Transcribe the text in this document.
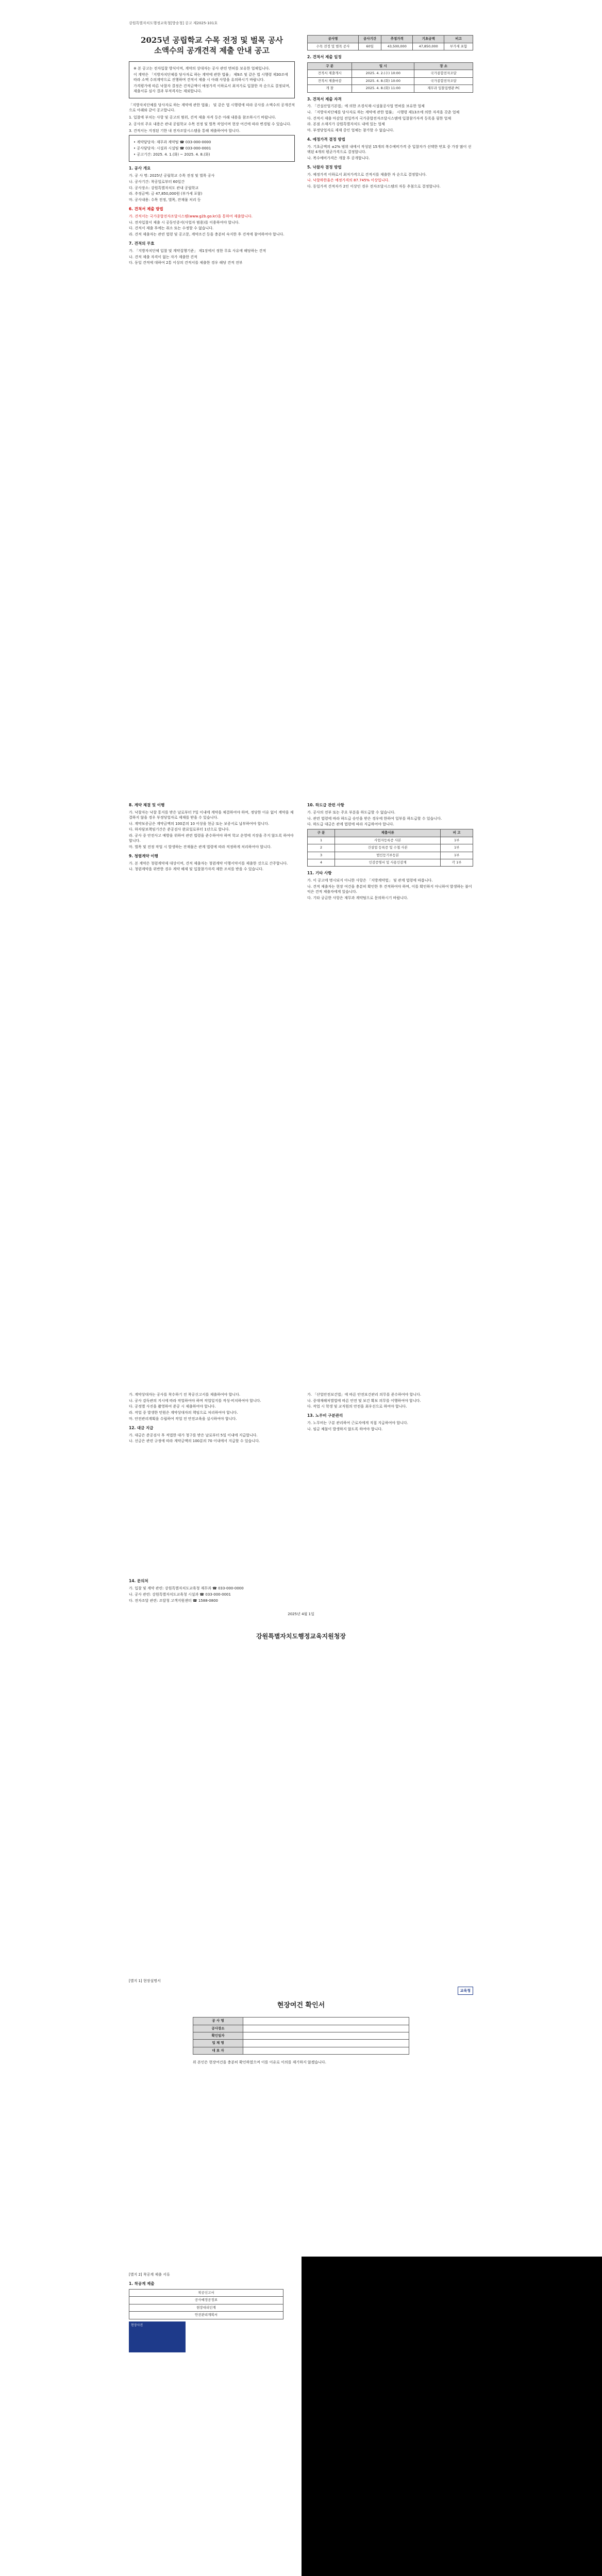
강원특별자치도행정교육청[방송청] 공고 제2025-101호
2025년 공립학교 수목 전정 및 벌목 공사
소액수의 공개견적 제출 안내 공고

※ 본 공고는 전자입찰 방식이며, 계약의 상대자는 공사 관련 면허를 보유한 업체입니다.

이 계약은 「지방자치단체를 당사자로 하는 계약에 관한 법률」 제9조 및 같은 법 시행령 제30조에 따라 소액 수의계약으로 진행하며 견적서 제출 시 아래 사항을 유의하시기 바랍니다.

가격평가에 따른 낙찰자 결정은 견적금액이 예정가격 이하로서 최저가로 입찰한 자 순으로 결정되며, 제출서류 심사 결과 부적격자는 제외합니다.

「지방자치단체를 당사자로 하는 계약에 관한 법률」 및 같은 법 시행령에 따라 공사를 소액수의 공개견적으로 아래와 같이 공고합니다.

1. 입찰에 부치는 사항 및 공고의 범위, 견적 제출 자격 등은 아래 내용을 참조하시기 바랍니다.

2. 공사의 주요 내용은 관내 공립학교 수목 전정 및 벌목 작업이며 현장 여건에 따라 변경될 수 있습니다.

3. 견적서는 지정된 기한 내 전자조달시스템을 통해 제출하여야 합니다.

• 계약담당자: 재무과 계약팀 ☎ 033-000-0000

• 공사담당자: 시설과 시설팀 ☎ 033-000-0001

• 공고기간: 2025. 4. 1.(화) ~ 2025. 4. 8.(화)

1. 공사 개요
가. 공 사 명: 2025년 공립학교 수목 전정 및 벌목 공사
나. 공사기간: 착공일로부터 60일간
다. 공사장소: 강원특별자치도 관내 공립학교
라. 추정금액: 금 47,850,000원 (부가세 포함)
마. 공사내용: 수목 전정, 벌목, 잔재물 처리 등
6. 견적서 제출 방법
가. 견적서는 국가종합전자조달시스템(www.g2b.go.kr)을 통하여 제출합니다.
나. 전자입찰서 제출 시 공동인증서(사업자 범용)를 이용하여야 합니다.
다. 견적서 제출 후에는 취소 또는 수정할 수 없습니다.
라. 견적 제출자는 관련 법령 및 공고문, 계약조건 등을 충분히 숙지한 후 견적에 참여하여야 합니다.
7. 견적의 무효
가. 「지방자치단체 입찰 및 계약집행기준」 제1장에서 정한 무효 사유에 해당하는 견적
나. 견적 제출 자격이 없는 자가 제출한 견적
다. 동일 견적에 대하여 2통 이상의 견적서를 제출한 경우 해당 견적 전부
공사명	공사기간	추정가격	기초금액	비고
수목 전정 및 벌목 공사	60일	43,500,000	47,850,000	부가세 포함
2. 견적서 제출 일정
구 분	일 시	장 소
견적서 제출개시	2025. 4. 2.(수) 10:00	국가종합전자조달
견적서 제출마감	2025. 4. 8.(화) 10:00	국가종합전자조달
개 찰	2025. 4. 8.(화) 11:00	재무과 입찰집행관 PC
3. 견적서 제출 자격
가. 「건설산업기본법」에 의한 조경식재·시설물공사업 면허를 보유한 업체
나. 「지방자치단체를 당사자로 하는 계약에 관한 법률」 시행령 제13조에 의한 자격을 갖춘 업체
다. 견적서 제출 마감일 전일까지 국가종합전자조달시스템에 입찰참가자격 등록을 필한 업체
라. 본점 소재지가 강원특별자치도 내에 있는 업체
마. 부정당업자로 제재 중인 업체는 참가할 수 없습니다.
4. 예정가격 결정 방법
가. 기초금액의 ±2% 범위 내에서 작성된 15개의 복수예비가격 중 입찰자가 선택한 번호 중 가장 많이 선택된 4개의 평균가격으로 결정합니다.
나. 복수예비가격은 개찰 후 공개합니다.
5. 낙찰자 결정 방법
가. 예정가격 이하로서 최저가격으로 견적서를 제출한 자 순으로 결정합니다.
나. 낙찰하한율은 예정가격의 87.745% 이상입니다.
다. 동일가격 견적자가 2인 이상인 경우 전자조달시스템의 자동 추첨으로 결정합니다.
8. 계약 체결 및 이행
가. 낙찰자는 낙찰 통지를 받은 날로부터 7일 이내에 계약을 체결하여야 하며, 정당한 이유 없이 계약을 체결하지 않을 경우 부정당업자로 제재를 받을 수 있습니다.
나. 계약보증금은 계약금액의 100분의 10 이상을 현금 또는 보증서로 납부하여야 합니다.
다. 하자담보책임기간은 준공검사 완료일로부터 1년으로 합니다.
라. 공사 중 안전사고 예방을 위하여 관련 법령을 준수하여야 하며 학교 운영에 지장을 주지 않도록 하여야 합니다.
마. 벌목 및 전정 작업 시 발생하는 잔재물은 관계 법령에 따라 적정하게 처리하여야 합니다.
9. 청렴계약 이행
가. 본 계약은 청렴계약제 대상이며, 견적 제출자는 청렴계약 이행서약서를 제출한 것으로 간주합니다.
나. 청렴계약을 위반한 경우 계약 해제 및 입찰참가자격 제한 조치를 받을 수 있습니다.
10. 하도급 관련 사항
가. 공사의 전부 또는 주요 부분을 하도급할 수 없습니다.
나. 관련 법령에 따라 하도급 승인을 받은 경우에 한하여 일부를 하도급할 수 있습니다.
다. 하도급 대금은 관계 법령에 따라 지급하여야 합니다.
구 분	제출서류	비 고
1	사업자등록증 사본	1부
2	건설업 등록증 및 수첩 사본	1부
3	법인등기부등본	1부
4	인감증명서 및 사용인감계	각 1부
11. 기타 사항
가. 이 공고에 명시되지 아니한 사항은 「지방계약법」 및 관계 법령에 따릅니다.
나. 견적 제출자는 현장 여건을 충분히 확인한 후 견적하여야 하며, 이를 확인하지 아니하여 발생하는 불이익은 견적 제출자에게 있습니다.
다. 기타 궁금한 사항은 재무과 계약팀으로 문의하시기 바랍니다.
가. 계약상대자는 공사를 착수하기 전 착공신고서를 제출하여야 합니다.
나. 공사 감독관의 지시에 따라 작업하여야 하며 작업일지를 작성·비치하여야 합니다.
다. 공정별 사진을 촬영하여 준공 시 제출하여야 합니다.
라. 작업 중 발생한 민원은 계약상대자의 책임으로 처리하여야 합니다.
마. 안전관리계획을 수립하여 작업 전 안전교육을 실시하여야 합니다.
12. 대금 지급
가. 대금은 준공검사 후 적법한 대가 청구를 받은 날로부터 5일 이내에 지급합니다.
나. 선금은 관련 규정에 따라 계약금액의 100분의 70 이내에서 지급할 수 있습니다.
가. 「산업안전보건법」에 따른 안전보건관리 의무를 준수하여야 합니다.
나. 중대재해처벌법에 따른 안전 및 보건 확보 의무를 이행하여야 합니다.
다. 작업 시 학생 및 교직원의 안전을 최우선으로 하여야 합니다.
13. 노무비 구분관리
가. 노무비는 구분 관리하여 근로자에게 직접 지급하여야 합니다.
나. 임금 체불이 발생하지 않도록 하여야 합니다.
14. 문의처
가. 입찰 및 계약 관련: 강원특별자치도교육청 재무과 ☎ 033-000-0000
나. 공사 관련: 강원특별자치도교육청 시설과 ☎ 033-000-0001
다. 전자조달 관련: 조달청 고객지원센터 ☎ 1588-0800
2025년 4월 1일
강원특별자치도행정교육지원청장
[별지 1] 현장설명서
교육청
현장여건 확인서
공 사 명	
공사장소	
확인일자	
업 체 명	
대 표 자	

위 본인은 현장여건을 충분히 확인하였으며 이를 이유로 이의를 제기하지 않겠습니다.

[별지 2] 착공계 제출 서류
1. 착공계 제출
착공신고서
공사예정공정표
현장대리인계
안전관리계획서
현장사진
